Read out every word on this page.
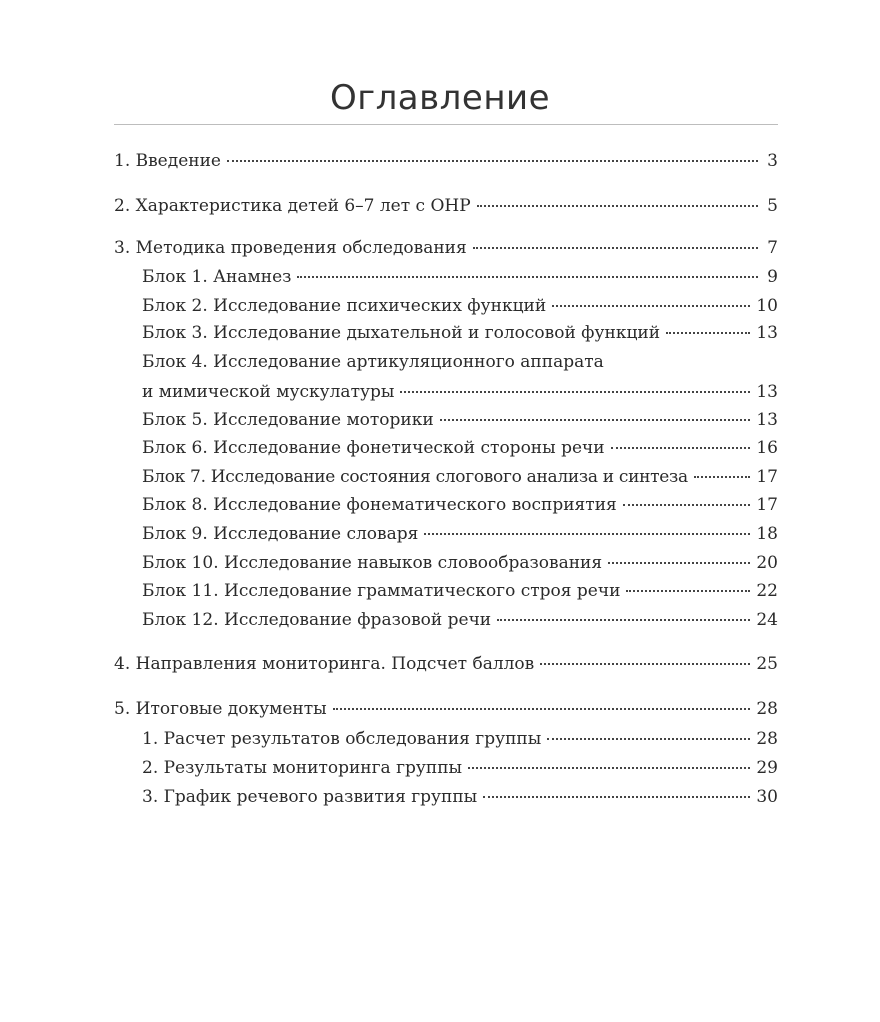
Оглавление
1. Введение	3
2. Характеристика детей 6–7 лет с ОНР	5
3. Методика проведения обследования	7
Блок 1. Анамнез	9
Блок 2. Исследование психических функций	10
Блок 3. Исследование дыхательной и голосовой функций	13
Блок 4. Исследование артикуляционного аппарата
и мимической мускулатуры	13
Блок 5. Исследование моторики	13
Блок 6. Исследование фонетической стороны речи	16
Блок 7. Исследование состояния слогового анализа и синтеза	17
Блок 8. Исследование фонематического восприятия	17
Блок 9. Исследование словаря	18
Блок 10. Исследование навыков словообразования	20
Блок 11. Исследование грамматического строя речи	22
Блок 12. Исследование фразовой речи	24
4. Направления мониторинга. Подсчет баллов	25
5. Итоговые документы	28
1. Расчет результатов обследования группы	28
2. Результаты мониторинга группы	29
3. График речевого развития группы	30
